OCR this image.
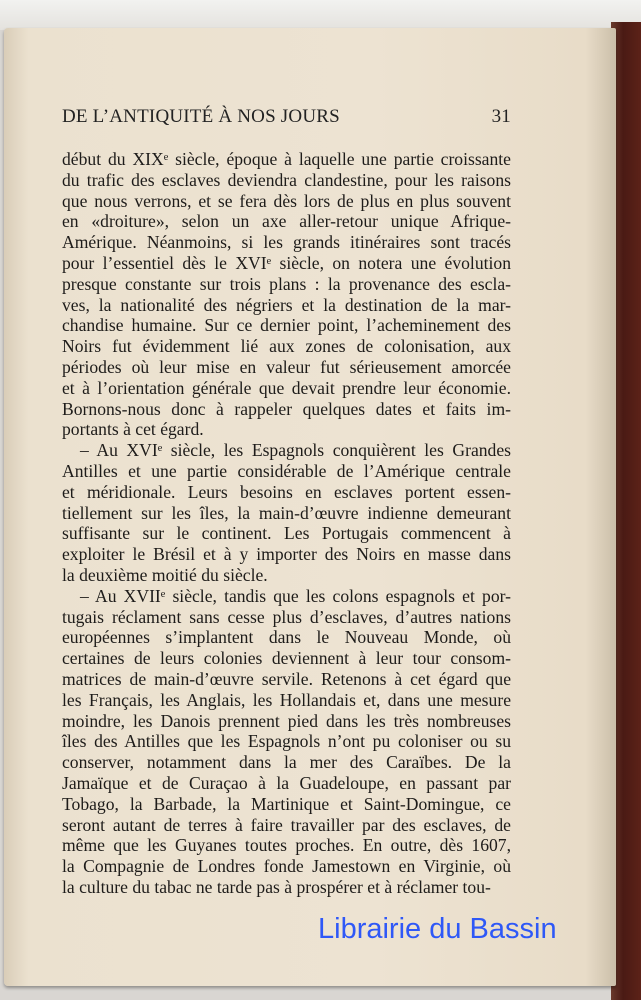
DE L’ANTIQUITÉ À NOS JOURS	31
début du XIXᵉ siècle, époque à laquelle une partie croissante
du trafic des esclaves deviendra clandestine, pour les raisons
que nous verrons, et se fera dès lors de plus en plus souvent
en «droiture», selon un axe aller-retour unique Afrique-
Amérique. Néanmoins, si les grands itinéraires sont tracés
pour l’essentiel dès le XVIᵉ siècle, on notera une évolution
presque constante sur trois plans : la provenance des escla-
ves, la nationalité des négriers et la destination de la mar-
chandise humaine. Sur ce dernier point, l’acheminement des
Noirs fut évidemment lié aux zones de colonisation, aux
périodes où leur mise en valeur fut sérieusement amorcée
et à l’orientation générale que devait prendre leur économie.
Bornons-nous donc à rappeler quelques dates et faits im-
portants à cet égard.
– Au XVIᵉ siècle, les Espagnols conquièrent les Grandes
Antilles et une partie considérable de l’Amérique centrale
et méridionale. Leurs besoins en esclaves portent essen-
tiellement sur les îles, la main-d’œuvre indienne demeurant
suffisante sur le continent. Les Portugais commencent à
exploiter le Brésil et à y importer des Noirs en masse dans
la deuxième moitié du siècle.
– Au XVIIᵉ siècle, tandis que les colons espagnols et por-
tugais réclament sans cesse plus d’esclaves, d’autres nations
européennes s’implantent dans le Nouveau Monde, où
certaines de leurs colonies deviennent à leur tour consom-
matrices de main-d’œuvre servile. Retenons à cet égard que
les Français, les Anglais, les Hollandais et, dans une mesure
moindre, les Danois prennent pied dans les très nombreuses
îles des Antilles que les Espagnols n’ont pu coloniser ou su
conserver, notamment dans la mer des Caraïbes. De la
Jamaïque et de Curaçao à la Guadeloupe, en passant par
Tobago, la Barbade, la Martinique et Saint-Domingue, ce
seront autant de terres à faire travailler par des esclaves, de
même que les Guyanes toutes proches. En outre, dès 1607,
la Compagnie de Londres fonde Jamestown en Virginie, où
la culture du tabac ne tarde pas à prospérer et à réclamer tou-
Librairie du Bassin
